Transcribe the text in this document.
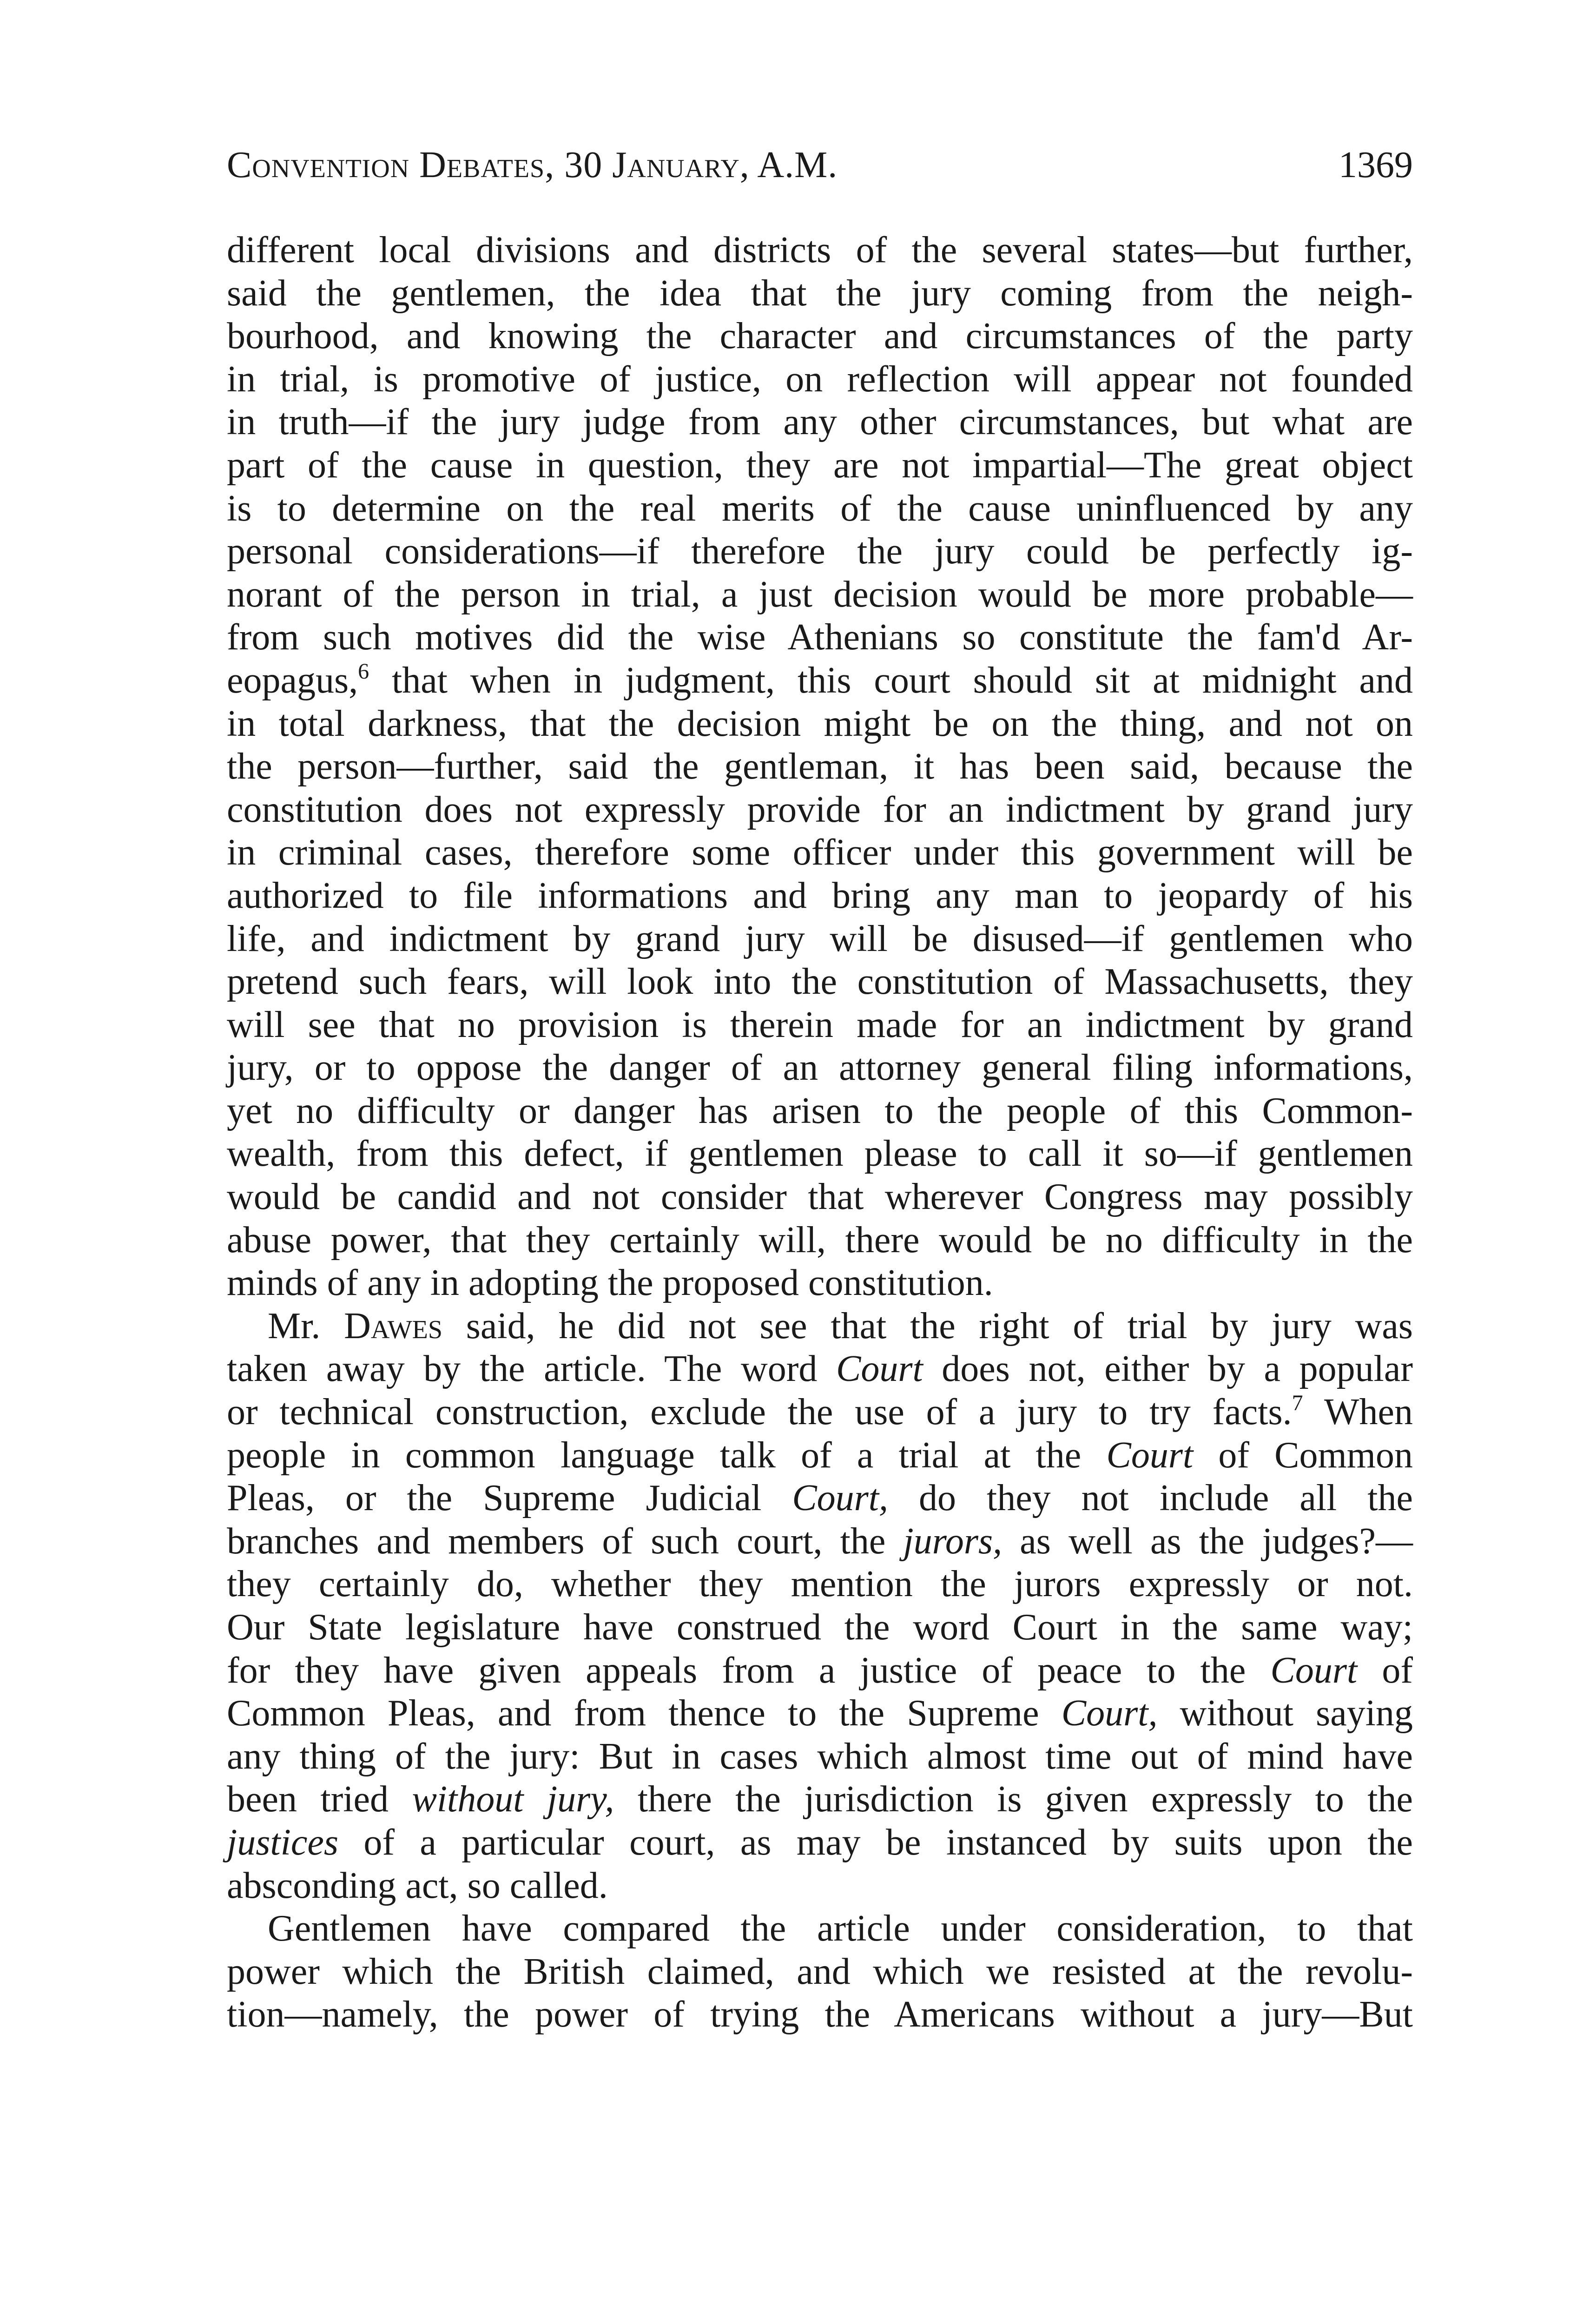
Convention Debates, 30 January, A.M.	1369
different local divisions and districts of the several states—but further,
said the gentlemen, the idea that the jury coming from the neigh-
bourhood, and knowing the character and circumstances of the party
in trial, is promotive of justice, on reflection will appear not founded
in truth—if the jury judge from any other circumstances, but what are
part of the cause in question, they are not impartial—The great object
is to determine on the real merits of the cause uninfluenced by any
personal considerations—if therefore the jury could be perfectly ig-
norant of the person in trial, a just decision would be more probable—
from such motives did the wise Athenians so constitute the fam'd Ar-
eopagus,$^6$ that when in judgment, this court should sit at midnight and
in total darkness, that the decision might be on the thing, and not on
the person—further, said the gentleman, it has been said, because the
constitution does not expressly provide for an indictment by grand jury
in criminal cases, therefore some officer under this government will be
authorized to file informations and bring any man to jeopardy of his
life, and indictment by grand jury will be disused—if gentlemen who
pretend such fears, will look into the constitution of Massachusetts, they
will see that no provision is therein made for an indictment by grand
jury, or to oppose the danger of an attorney general filing informations,
yet no difficulty or danger has arisen to the people of this Common-
wealth, from this defect, if gentlemen please to call it so—if gentlemen
would be candid and not consider that wherever Congress may possibly
abuse power, that they certainly will, there would be no difficulty in the
minds of any in adopting the proposed constitution.
Mr. Dawes said, he did not see that the right of trial by jury was
taken away by the article. The word Court does not, either by a popular
or technical construction, exclude the use of a jury to try facts.$^7$ When
people in common language talk of a trial at the Court of Common
Pleas, or the Supreme Judicial Court, do they not include all the
branches and members of such court, the jurors, as well as the judges?—
they certainly do, whether they mention the jurors expressly or not.
Our State legislature have construed the word Court in the same way;
for they have given appeals from a justice of peace to the Court of
Common Pleas, and from thence to the Supreme Court, without saying
any thing of the jury: But in cases which almost time out of mind have
been tried without jury, there the jurisdiction is given expressly to the
justices of a particular court, as may be instanced by suits upon the
absconding act, so called.
Gentlemen have compared the article under consideration, to that
power which the British claimed, and which we resisted at the revolu-
tion—namely, the power of trying the Americans without a jury—But
